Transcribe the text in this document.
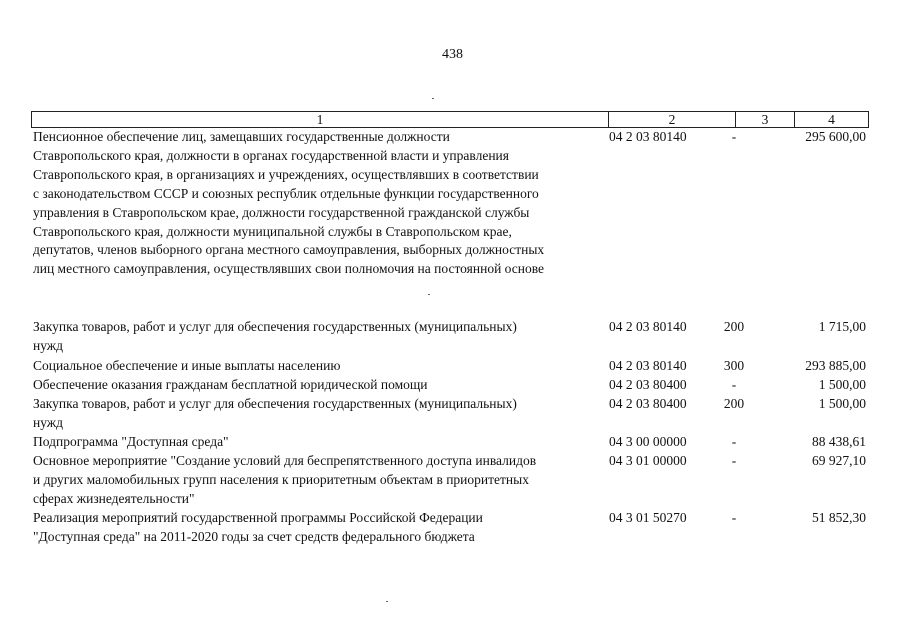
438
1	2	3	4
Пенсионное обеспечение лиц, замещавших государственные должности
Ставропольского края, должности в органах государственной власти и управления
Ставропольского края, в организациях и учреждениях, осуществлявших в соответствии
с законодательством СССР и союзных республик отдельные функции государственного
управления в Ставропольском крае, должности государственной гражданской службы
Ставропольского края, должности муниципальной службы в Ставропольском крае,
депутатов, членов выборного органа местного самоуправления, выборных должностных
лиц местного самоуправления, осуществлявших свои полномочия на постоянной основе
04 2 03 80140	-	295 600,00
Закупка товаров, работ и услуг для обеспечения государственных (муниципальных)
нужд
04 2 03 80140	200	1 715,00
Социальное обеспечение и иные выплаты населению	04 2 03 80140	300	293 885,00
Обеспечение оказания гражданам бесплатной юридической помощи	04 2 03 80400	-	1 500,00
Закупка товаров, работ и услуг для обеспечения государственных (муниципальных)
нужд
04 2 03 80400	200	1 500,00
Подпрограмма "Доступная среда"	04 3 00 00000	-	88 438,61
Основное мероприятие "Создание условий для беспрепятственного доступа инвалидов
и других маломобильных групп населения к приоритетным объектам в приоритетных
сферах жизнедеятельности"
04 3 01 00000	-	69 927,10
Реализация мероприятий государственной программы Российской Федерации
"Доступная среда" на 2011-2020 годы за счет средств федерального бюджета
04 3 01 50270	-	51 852,30
